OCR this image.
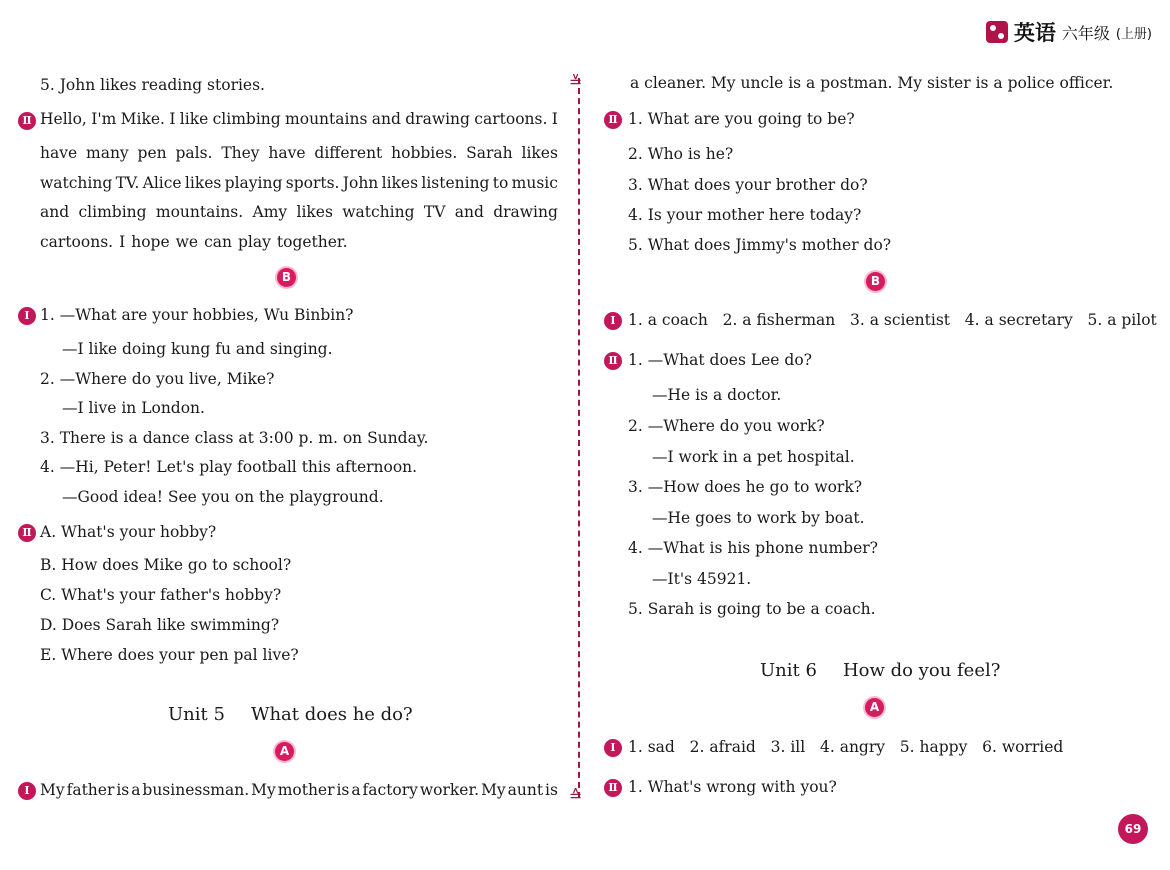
英语 六年级 (上册)
5. John likes reading stories.
Ⅱ Hello, I'm Mike. I like climbing mountains and drawing cartoons. I
have many pen pals. They have different hobbies. Sarah likes
watching TV. Alice likes playing sports. John likes listening to music
and climbing mountains. Amy likes watching TV and drawing
cartoons. I hope we can play together.
B
Ⅰ 1. —What are your hobbies, Wu Binbin?
—I like doing kung fu and singing.
2. —Where do you live, Mike?
—I live in London.
3. There is a dance class at 3:00 p. m. on Sunday.
4. —Hi, Peter! Let's play football this afternoon.
—Good idea! See you on the playground.
Ⅱ A. What's your hobby?
B. How does Mike go to school?
C. What's your father's hobby?
D. Does Sarah like swimming?
E. Where does your pen pal live?
Unit 5 What does he do?
A
Ⅰ My father is a businessman. My mother is a factory worker. My aunt is
≚
≙
a cleaner. My uncle is a postman. My sister is a police officer.
Ⅱ 1. What are you going to be?
2. Who is he?
3. What does your brother do?
4. Is your mother here today?
5. What does Jimmy's mother do?
B
Ⅰ 1. a coach   2. a fisherman   3. a scientist   4. a secretary   5. a pilot
Ⅱ 1. —What does Lee do?
—He is a doctor.
2. —Where do you work?
—I work in a pet hospital.
3. —How does he go to work?
—He goes to work by boat.
4. —What is his phone number?
—It's 45921.
5. Sarah is going to be a coach.
Unit 6 How do you feel?
A
Ⅰ 1. sad   2. afraid   3. ill   4. angry   5. happy   6. worried
Ⅱ 1. What's wrong with you?
69
